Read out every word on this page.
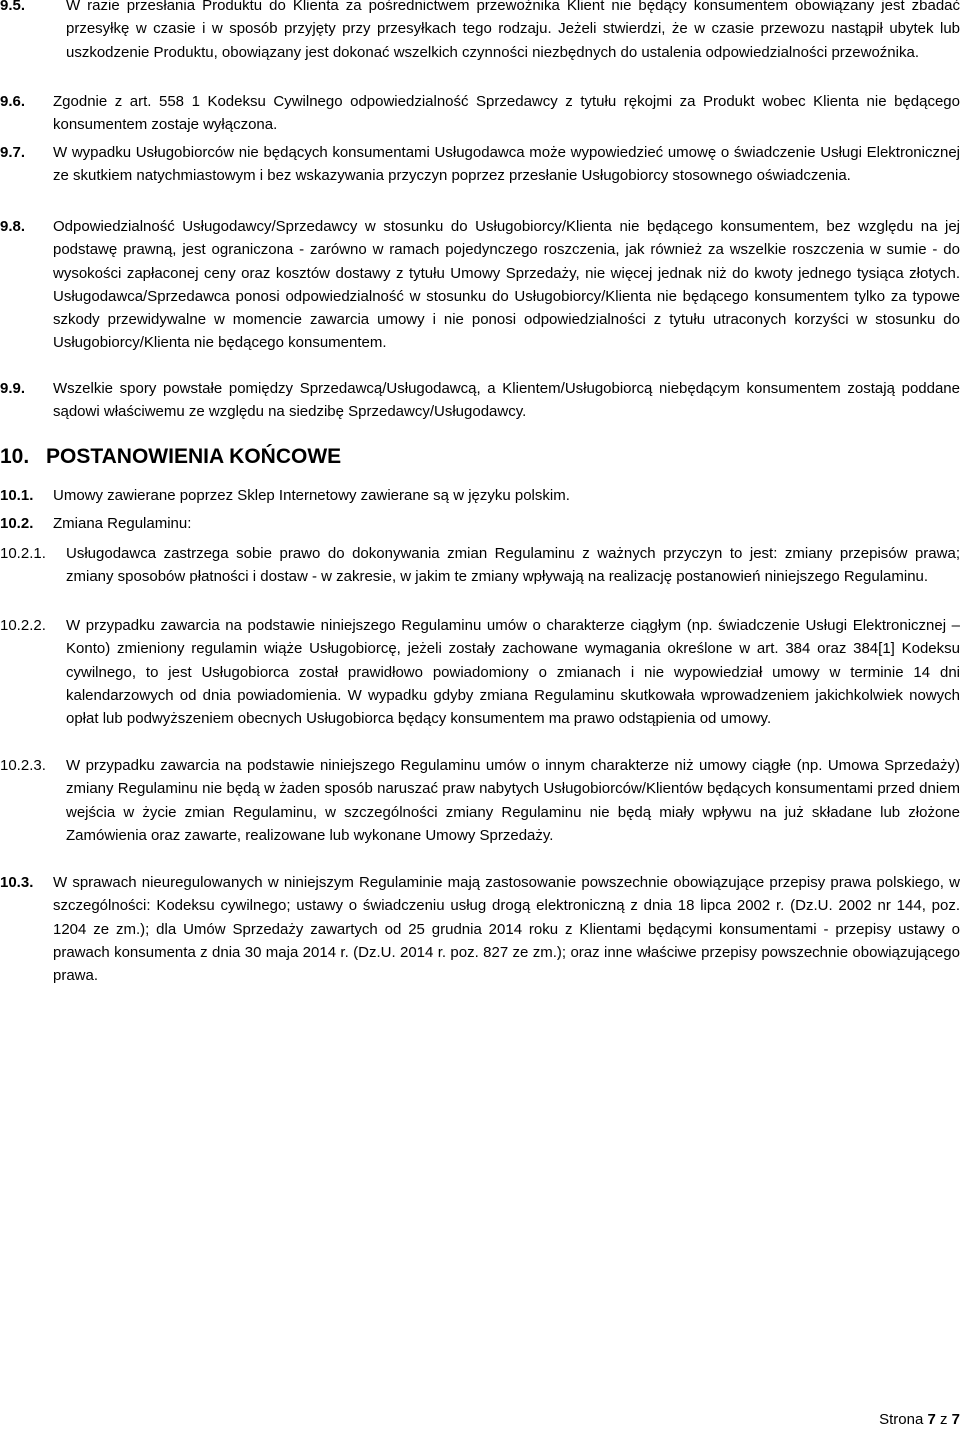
9.5.	W razie przesłania Produktu do Klienta za pośrednictwem przewoźnika Klient nie będący konsumentem obowiązany jest zbadać przesyłkę w czasie i w sposób przyjęty przy przesyłkach tego rodzaju. Jeżeli stwierdzi, że w czasie przewozu nastąpił ubytek lub uszkodzenie Produktu, obowiązany jest dokonać wszelkich czynności niezbędnych do ustalenia odpowiedzialności przewoźnika.
9.6. Zgodnie z art. 558 1 Kodeksu Cywilnego odpowiedzialność Sprzedawcy z tytułu rękojmi za Produkt wobec Klienta nie będącego konsumentem zostaje wyłączona.
9.7. W wypadku Usługobiorców nie będących konsumentami Usługodawca może wypowiedzieć umowę o świadczenie Usługi Elektronicznej ze skutkiem natychmiastowym i bez wskazywania przyczyn poprzez przesłanie Usługobiorcy stosownego oświadczenia.
9.8. Odpowiedzialność Usługodawcy/Sprzedawcy w stosunku do Usługobiorcy/Klienta nie będącego konsumentem, bez względu na jej podstawę prawną, jest ograniczona - zarówno w ramach pojedynczego roszczenia, jak również za wszelkie roszczenia w sumie - do wysokości zapłaconej ceny oraz kosztów dostawy z tytułu Umowy Sprzedaży, nie więcej jednak niż do kwoty jednego tysiąca złotych. Usługodawca/Sprzedawca ponosi odpowiedzialność w stosunku do Usługobiorcy/Klienta nie będącego konsumentem tylko za typowe szkody przewidywalne w momencie zawarcia umowy i nie ponosi odpowiedzialności z tytułu utraconych korzyści w stosunku do Usługobiorcy/Klienta nie będącego konsumentem.
9.9. Wszelkie spory powstałe pomiędzy Sprzedawcą/Usługodawcą, a Klientem/Usługobiorcą niebędącym konsumentem zostają poddane sądowi właściwemu ze względu na siedzibę Sprzedawcy/Usługodawcy.
10. POSTANOWIENIA KOŃCOWE
10.1. Umowy zawierane poprzez Sklep Internetowy zawierane są w języku polskim.
10.2. Zmiana Regulaminu:
10.2.1. Usługodawca zastrzega sobie prawo do dokonywania zmian Regulaminu z ważnych przyczyn to jest: zmiany przepisów prawa; zmiany sposobów płatności i dostaw - w zakresie, w jakim te zmiany wpływają na realizację postanowień niniejszego Regulaminu.
10.2.2. W przypadku zawarcia na podstawie niniejszego Regulaminu umów o charakterze ciągłym (np. świadczenie Usługi Elektronicznej – Konto) zmieniony regulamin wiąże Usługobiorcę, jeżeli zostały zachowane wymagania określone w art. 384 oraz 384[1] Kodeksu cywilnego, to jest Usługobiorca został prawidłowo powiadomiony o zmianach i nie wypowiedział umowy w terminie 14 dni kalendarzowych od dnia powiadomienia. W wypadku gdyby zmiana Regulaminu skutkowała wprowadzeniem jakichkolwiek nowych opłat lub podwyższeniem obecnych Usługobiorca będący konsumentem ma prawo odstąpienia od umowy.
10.2.3. W przypadku zawarcia na podstawie niniejszego Regulaminu umów o innym charakterze niż umowy ciągłe (np. Umowa Sprzedaży) zmiany Regulaminu nie będą w żaden sposób naruszać praw nabytych Usługobiorców/Klientów będących konsumentami przed dniem wejścia w życie zmian Regulaminu, w szczególności zmiany Regulaminu nie będą miały wpływu na już składane lub złożone Zamówienia oraz zawarte, realizowane lub wykonane Umowy Sprzedaży.
10.3. W sprawach nieuregulowanych w niniejszym Regulaminie mają zastosowanie powszechnie obowiązujące przepisy prawa polskiego, w szczególności: Kodeksu cywilnego; ustawy o świadczeniu usług drogą elektroniczną z dnia 18 lipca 2002 r. (Dz.U. 2002 nr 144, poz. 1204 ze zm.); dla Umów Sprzedaży zawartych od 25 grudnia 2014 roku z Klientami będącymi konsumentami - przepisy ustawy o prawach konsumenta z dnia 30 maja 2014 r. (Dz.U. 2014 r. poz. 827 ze zm.); oraz inne właściwe przepisy powszechnie obowiązującego prawa.
Strona 7 z 7
